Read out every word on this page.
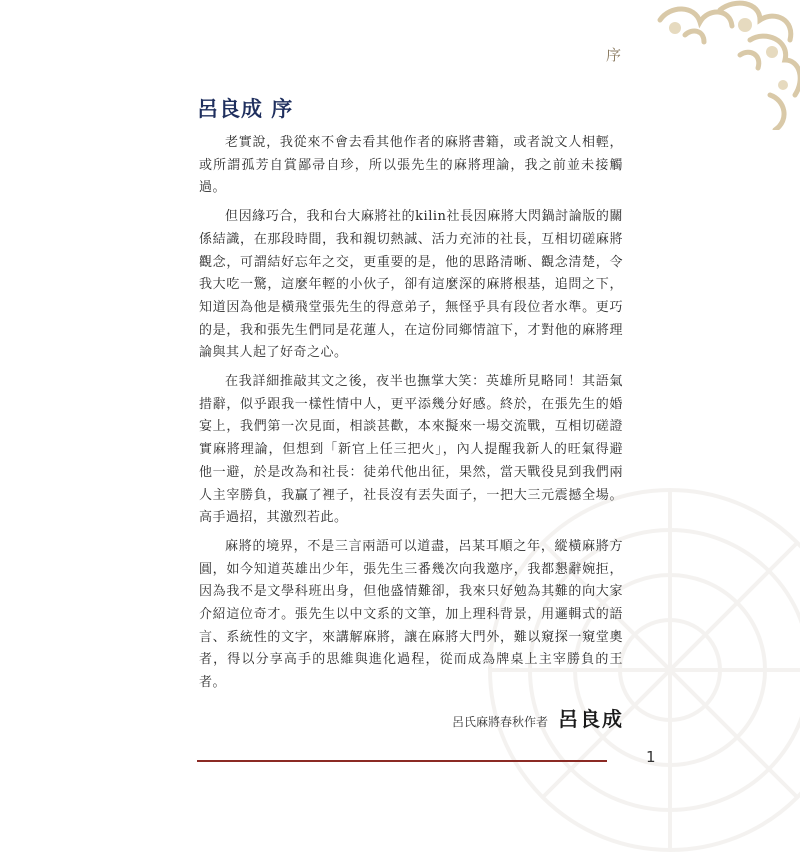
序
呂良成 序

老實說，我從來不會去看其他作者的麻將書籍，或者說文人相輕，或所謂孤芳自賞鄙帚自珍，所以張先生的麻將理論，我之前並未接觸過。

但因緣巧合，我和台大麻將社的kilin社長因麻將大閃鍋討論版的關係結識，在那段時間，我和親切熱誠、活力充沛的社長，互相切磋麻將觀念，可謂結好忘年之交，更重要的是，他的思路清晰、觀念清楚，令我大吃一驚，這麼年輕的小伙子，卻有這麼深的麻將根基，追問之下，知道因為他是橫飛堂張先生的得意弟子，無怪乎具有段位者水準。更巧的是，我和張先生們同是花蓮人，在這份同鄉情誼下，才對他的麻將理論與其人起了好奇之心。

在我詳細推敲其文之後，夜半也撫掌大笑：英雄所見略同！其語氣措辭，似乎跟我一樣性情中人，更平添幾分好感。終於，在張先生的婚宴上，我們第一次見面，相談甚歡，本來擬來一場交流戰，互相切磋證實麻將理論，但想到「新官上任三把火」，內人提醒我新人的旺氣得避他一避，於是改為和社長：徒弟代他出征，果然，當天戰役見到我們兩人主宰勝負，我贏了裡子，社長沒有丟失面子，一把大三元震撼全場。高手過招，其激烈若此。

麻將的境界，不是三言兩語可以道盡，呂某耳順之年，縱橫麻將方圓，如今知道英雄出少年，張先生三番幾次向我邀序，我都懇辭婉拒，因為我不是文學科班出身，但他盛情難卻，我來只好勉為其難的向大家介紹這位奇才。張先生以中文系的文筆，加上理科背景，用邏輯式的語言、系統性的文字，來講解麻將，讓在麻將大門外，難以窺探一窺堂奧者，得以分享高手的思維與進化過程，從而成為牌桌上主宰勝負的王者。

呂氏麻將春秋作者 呂良成
1
